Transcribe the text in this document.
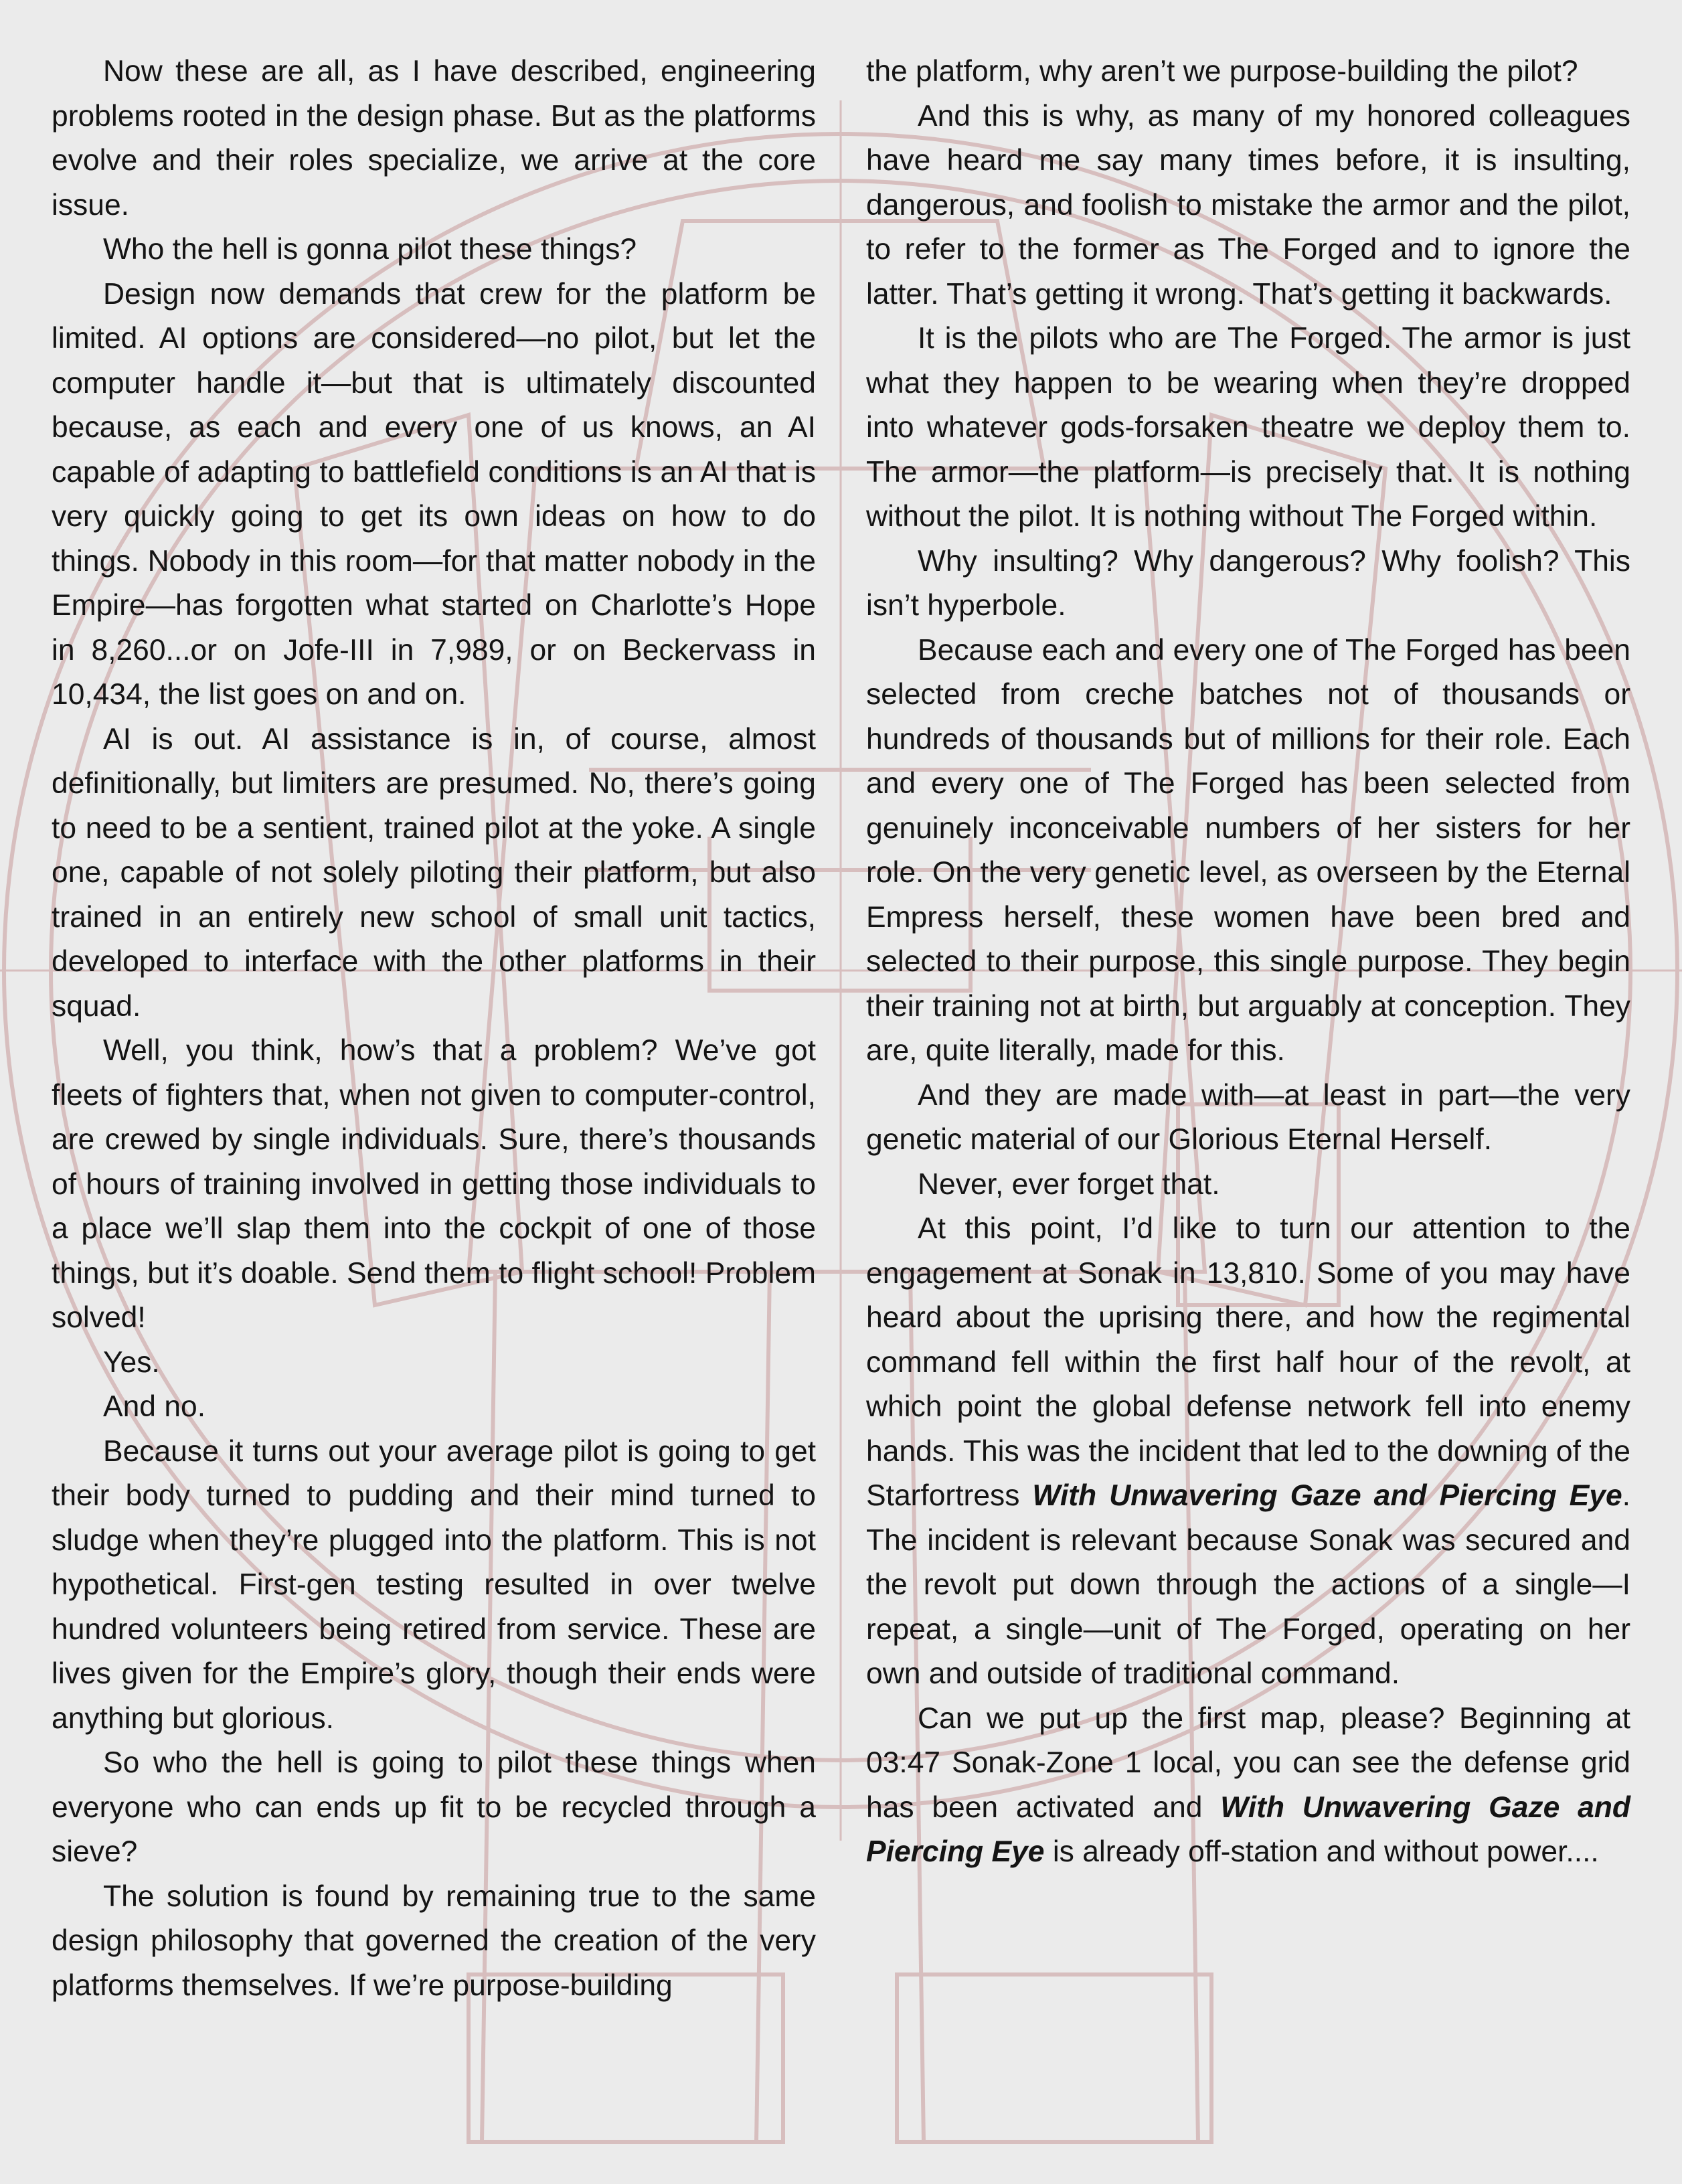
Now these are all, as I have described, engineering problems rooted in the design phase. But as the platforms evolve and their roles specialize, we arrive at the core issue.

Who the hell is gonna pilot these things?

Design now demands that crew for the platform be limited. AI options are considered—no pilot, but let the computer handle it—but that is ultimately discounted because, as each and every one of us knows, an AI capable of adapting to battlefield conditions is an AI that is very quickly going to get its own ideas on how to do things. Nobody in this room—for that matter nobody in the Empire—has forgotten what started on Charlotte’s Hope in 8,260...or on Jofe-III in 7,989, or on Beckervass in 10,434, the list goes on and on.

AI is out. AI assistance is in, of course, almost definitionally, but limiters are presumed. No, there’s going to need to be a sentient, trained pilot at the yoke. A single one, capable of not solely piloting their platform, but also trained in an entirely new school of small unit tactics, developed to interface with the other platforms in their squad.

Well, you think, how’s that a problem? We’ve got fleets of fighters that, when not given to computer-control, are crewed by single individuals. Sure, there’s thousands of hours of training involved in getting those individuals to a place we’ll slap them into the cockpit of one of those things, but it’s doable. Send them to flight school! Problem solved!

Yes.

And no.

Because it turns out your average pilot is going to get their body turned to pudding and their mind turned to sludge when they’re plugged into the platform. This is not hypothetical. First-gen testing resulted in over twelve hundred volunteers being retired from service. These are lives given for the Empire’s glory, though their ends were anything but glorious.

So who the hell is going to pilot these things when everyone who can ends up fit to be recycled through a sieve?

The solution is found by remaining true to the same design philosophy that governed the creation of the very platforms themselves. If we’re purpose-building

the platform, why aren’t we purpose-building the pilot?

And this is why, as many of my honored colleagues have heard me say many times before, it is insulting, dangerous, and foolish to mistake the armor and the pilot, to refer to the former as The Forged and to ignore the latter. That’s getting it wrong. That’s getting it backwards.

It is the pilots who are The Forged. The armor is just what they happen to be wearing when they’re dropped into whatever gods-forsaken theatre we deploy them to. The armor—the platform—is precisely that. It is nothing without the pilot. It is nothing without The Forged within.

Why insulting? Why dangerous? Why foolish? This isn’t hyperbole.

Because each and every one of The Forged has been selected from creche batches not of thousands or hundreds of thousands but of millions for their role. Each and every one of The Forged has been selected from genuinely inconceivable numbers of her sisters for her role. On the very genetic level, as overseen by the Eternal Empress herself, these women have been bred and selected to their purpose, this single purpose. They begin their training not at birth, but arguably at conception. They are, quite literally, made for this.

And they are made with—at least in part—the very genetic material of our Glorious Eternal Herself.

Never, ever forget that.

At this point, I’d like to turn our attention to the engagement at Sonak in 13,810. Some of you may have heard about the uprising there, and how the regimental command fell within the first half hour of the revolt, at which point the global defense network fell into enemy hands. This was the incident that led to the downing of the Starfortress With Unwavering Gaze and Piercing Eye. The incident is relevant because Sonak was secured and the revolt put down through the actions of a single—I repeat, a single—unit of The Forged, operating on her own and outside of traditional command.

Can we put up the first map, please? Beginning at 03:47 Sonak-Zone 1 local, you can see the defense grid has been activated and With Unwavering Gaze and Piercing Eye is already off-station and without power....
